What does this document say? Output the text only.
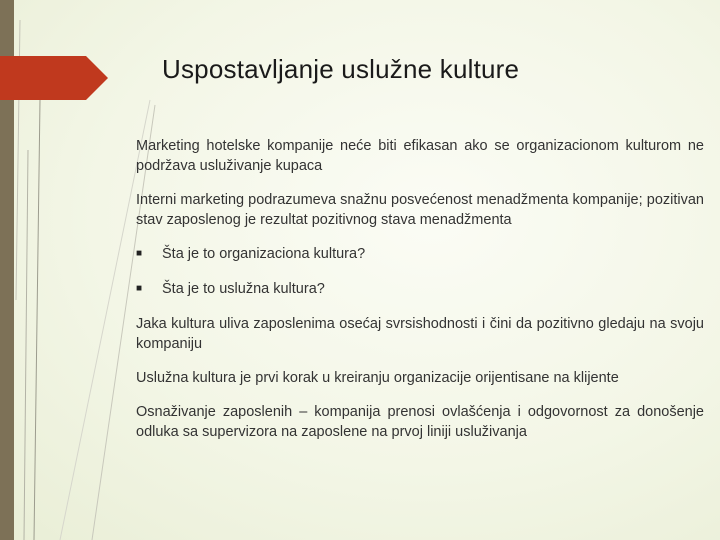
Uspostavljanje uslužne kulture

Marketing hotelske kompanije neće biti efikasan ako se organizacionom kulturom ne podržava usluživanje kupaca

Interni marketing podrazumeva snažnu posvećenost menadžmenta kompanije; pozitivan stav zaposlenog je rezultat pozitivnog stava menadžmenta

■	Šta je to organizaciona kultura?
■	Šta je to uslužna kultura?

Jaka kultura uliva zaposlenima osećaj svrsishodnosti i čini da pozitivno gledaju na svoju kompaniju

Uslužna kultura je prvi korak u kreiranju organizacije orijentisane na klijente

Osnaživanje zaposlenih – kompanija prenosi ovlašćenja i odgovornost za donošenje odluka sa supervizora na zaposlene na prvoj liniji usluživanja
